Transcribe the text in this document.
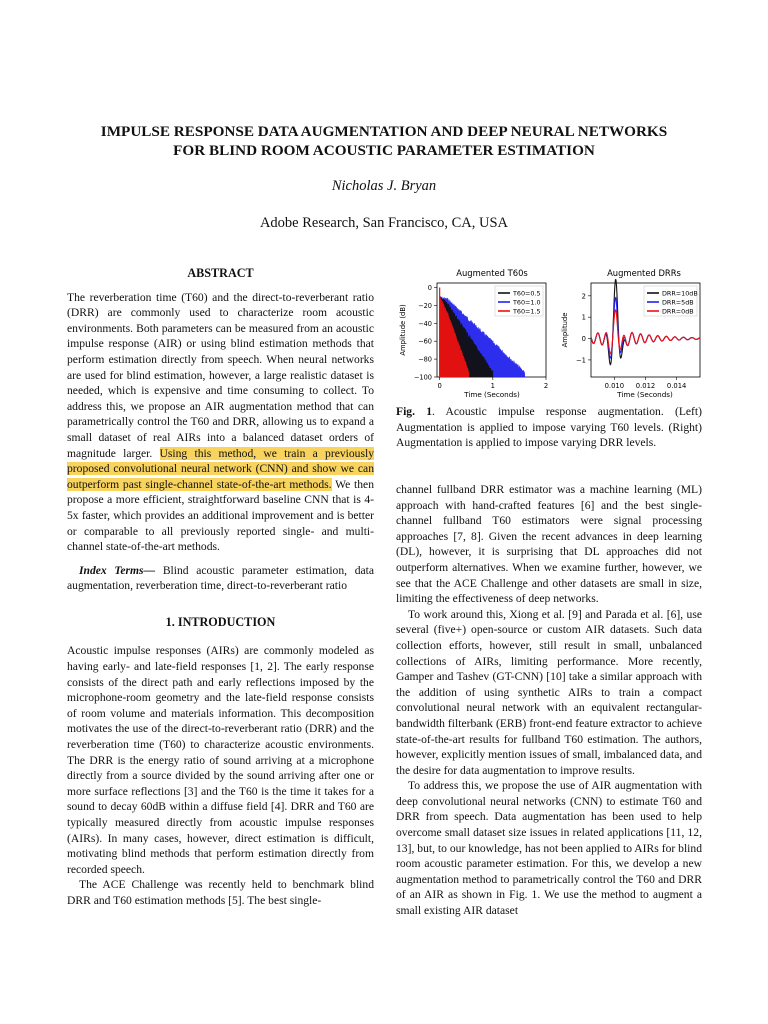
IMPULSE RESPONSE DATA AUGMENTATION AND DEEP NEURAL NETWORKS
FOR BLIND ROOM ACOUSTIC PARAMETER ESTIMATION
Nicholas J. Bryan
Adobe Research, San Francisco, CA, USA

ABSTRACT

The reverberation time (T60) and the direct-to-reverberant ratio (DRR) are commonly used to characterize room acoustic environments. Both parameters can be measured from an acoustic impulse response (AIR) or using blind estimation methods that perform estimation directly from speech. When neural networks are used for blind estimation, however, a large realistic dataset is needed, which is expensive and time consuming to collect. To address this, we propose an AIR augmentation method that can parametrically control the T60 and DRR, allowing us to expand a small dataset of real AIRs into a balanced dataset orders of magnitude larger. Using this method, we train a previously proposed convolutional neural network (CNN) and show we can outperform past single-channel state-of-the-art methods. We then propose a more efficient, straightforward baseline CNN that is 4-5x faster, which provides an additional improvement and is better or comparable to all previously reported single- and multi-channel state-of-the-art methods.

Index Terms— Blind acoustic parameter estimation, data augmentation, reverberation time, direct-to-reverberant ratio

1. INTRODUCTION

Acoustic impulse responses (AIRs) are commonly modeled as having early- and late-field responses [1, 2]. The early response consists of the direct path and early reflections imposed by the microphone-room geometry and the late-field response consists of room volume and materials information. This decomposition motivates the use of the direct-to-reverberant ratio (DRR) and the reverberation time (T60) to characterize acoustic environments. The DRR is the energy ratio of sound arriving at a microphone directly from a source divided by the sound arriving after one or more surface reflections [3] and the T60 is the time it takes for a sound to decay 60dB within a diffuse field [4]. DRR and T60 are typically measured directly from acoustic impulse responses (AIRs). In many cases, however, direct estimation is difficult, motivating blind methods that perform estimation directly from recorded speech.

The ACE Challenge was recently held to benchmark blind DRR and T60 estimation methods [5]. The best single-

Augmented T60s
0
−20
−40
−60
−80
−100
0	1	2
Time (Seconds)
Amplitude (dB)
T60=0.5
T60=1.0
T60=1.5
Augmented DRRs
2
1
0
−1
0.010 0.012 0.014
Time (Seconds)
Amplitude
DRR=10dB
DRR=5dB
DRR=0dB
Fig. 1. Acoustic impulse response augmentation. (Left) Augmentation is applied to impose varying T60 levels. (Right) Augmentation is applied to impose varying DRR levels.

channel fullband DRR estimator was a machine learning (ML) approach with hand-crafted features [6] and the best single-channel fullband T60 estimators were signal processing approaches [7, 8]. Given the recent advances in deep learning (DL), however, it is surprising that DL approaches did not outperform alternatives. When we examine further, however, we see that the ACE Challenge and other datasets are small in size, limiting the effectiveness of deep networks.

To work around this, Xiong et al. [9] and Parada et al. [6], use several (five+) open-source or custom AIR datasets. Such data collection efforts, however, still result in small, unbalanced collections of AIRs, limiting performance. More recently, Gamper and Tashev (GT-CNN) [10] take a similar approach with the addition of using synthetic AIRs to train a compact convolutional neural network with an equivalent rectangular-bandwidth filterbank (ERB) front-end feature extractor to achieve state-of-the-art results for fullband T60 estimation. The authors, however, explicitly mention issues of small, imbalanced data, and the desire for data augmentation to improve results.

To address this, we propose the use of AIR augmentation with deep convolutional neural networks (CNN) to estimate T60 and DRR from speech. Data augmentation has been used to help overcome small dataset size issues in related applications [11, 12, 13], but, to our knowledge, has not been applied to AIRs for blind room acoustic parameter estimation. For this, we develop a new augmentation method to parametrically control the T60 and DRR of an AIR as shown in Fig. 1. We use the method to augment a small existing AIR dataset
